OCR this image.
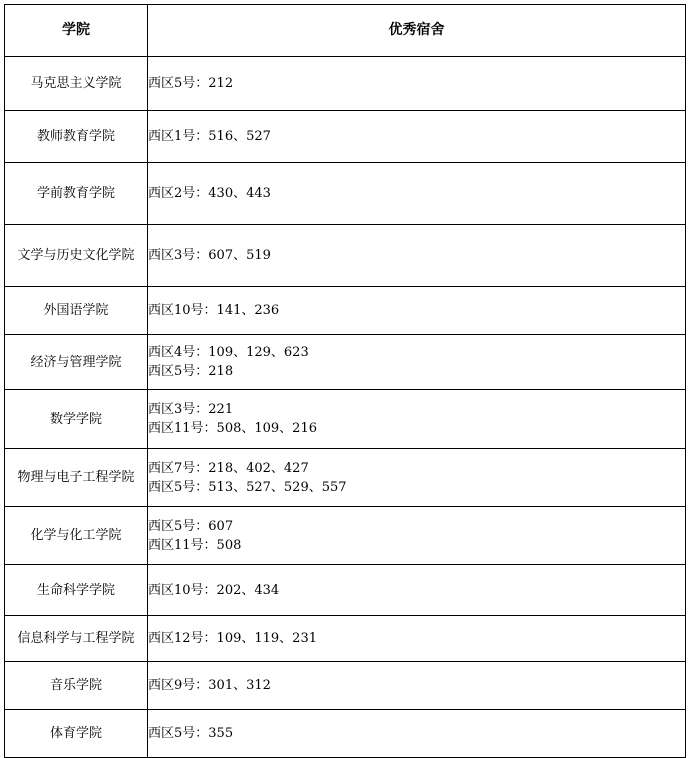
学院	优秀宿舍
马克思主义学院	西区5号：212

教师教育学院	西区1号：516、527

学前教育学院	西区2号：430、443

文学与历史文化学院	西区3号：607、519

外国语学院	西区10号：141、236

经济与管理学院	西区4号：109、129、623
西区5号：218

数学学院	西区3号：221
西区11号：508、109、216

物理与电子工程学院	西区7号：218、402、427
西区5号：513、527、529、557

化学与化工学院	西区5号：607
西区11号：508

生命科学学院	西区10号：202、434

信息科学与工程学院	西区12号：109、119、231

音乐学院	西区9号：301、312

体育学院	西区5号：355
